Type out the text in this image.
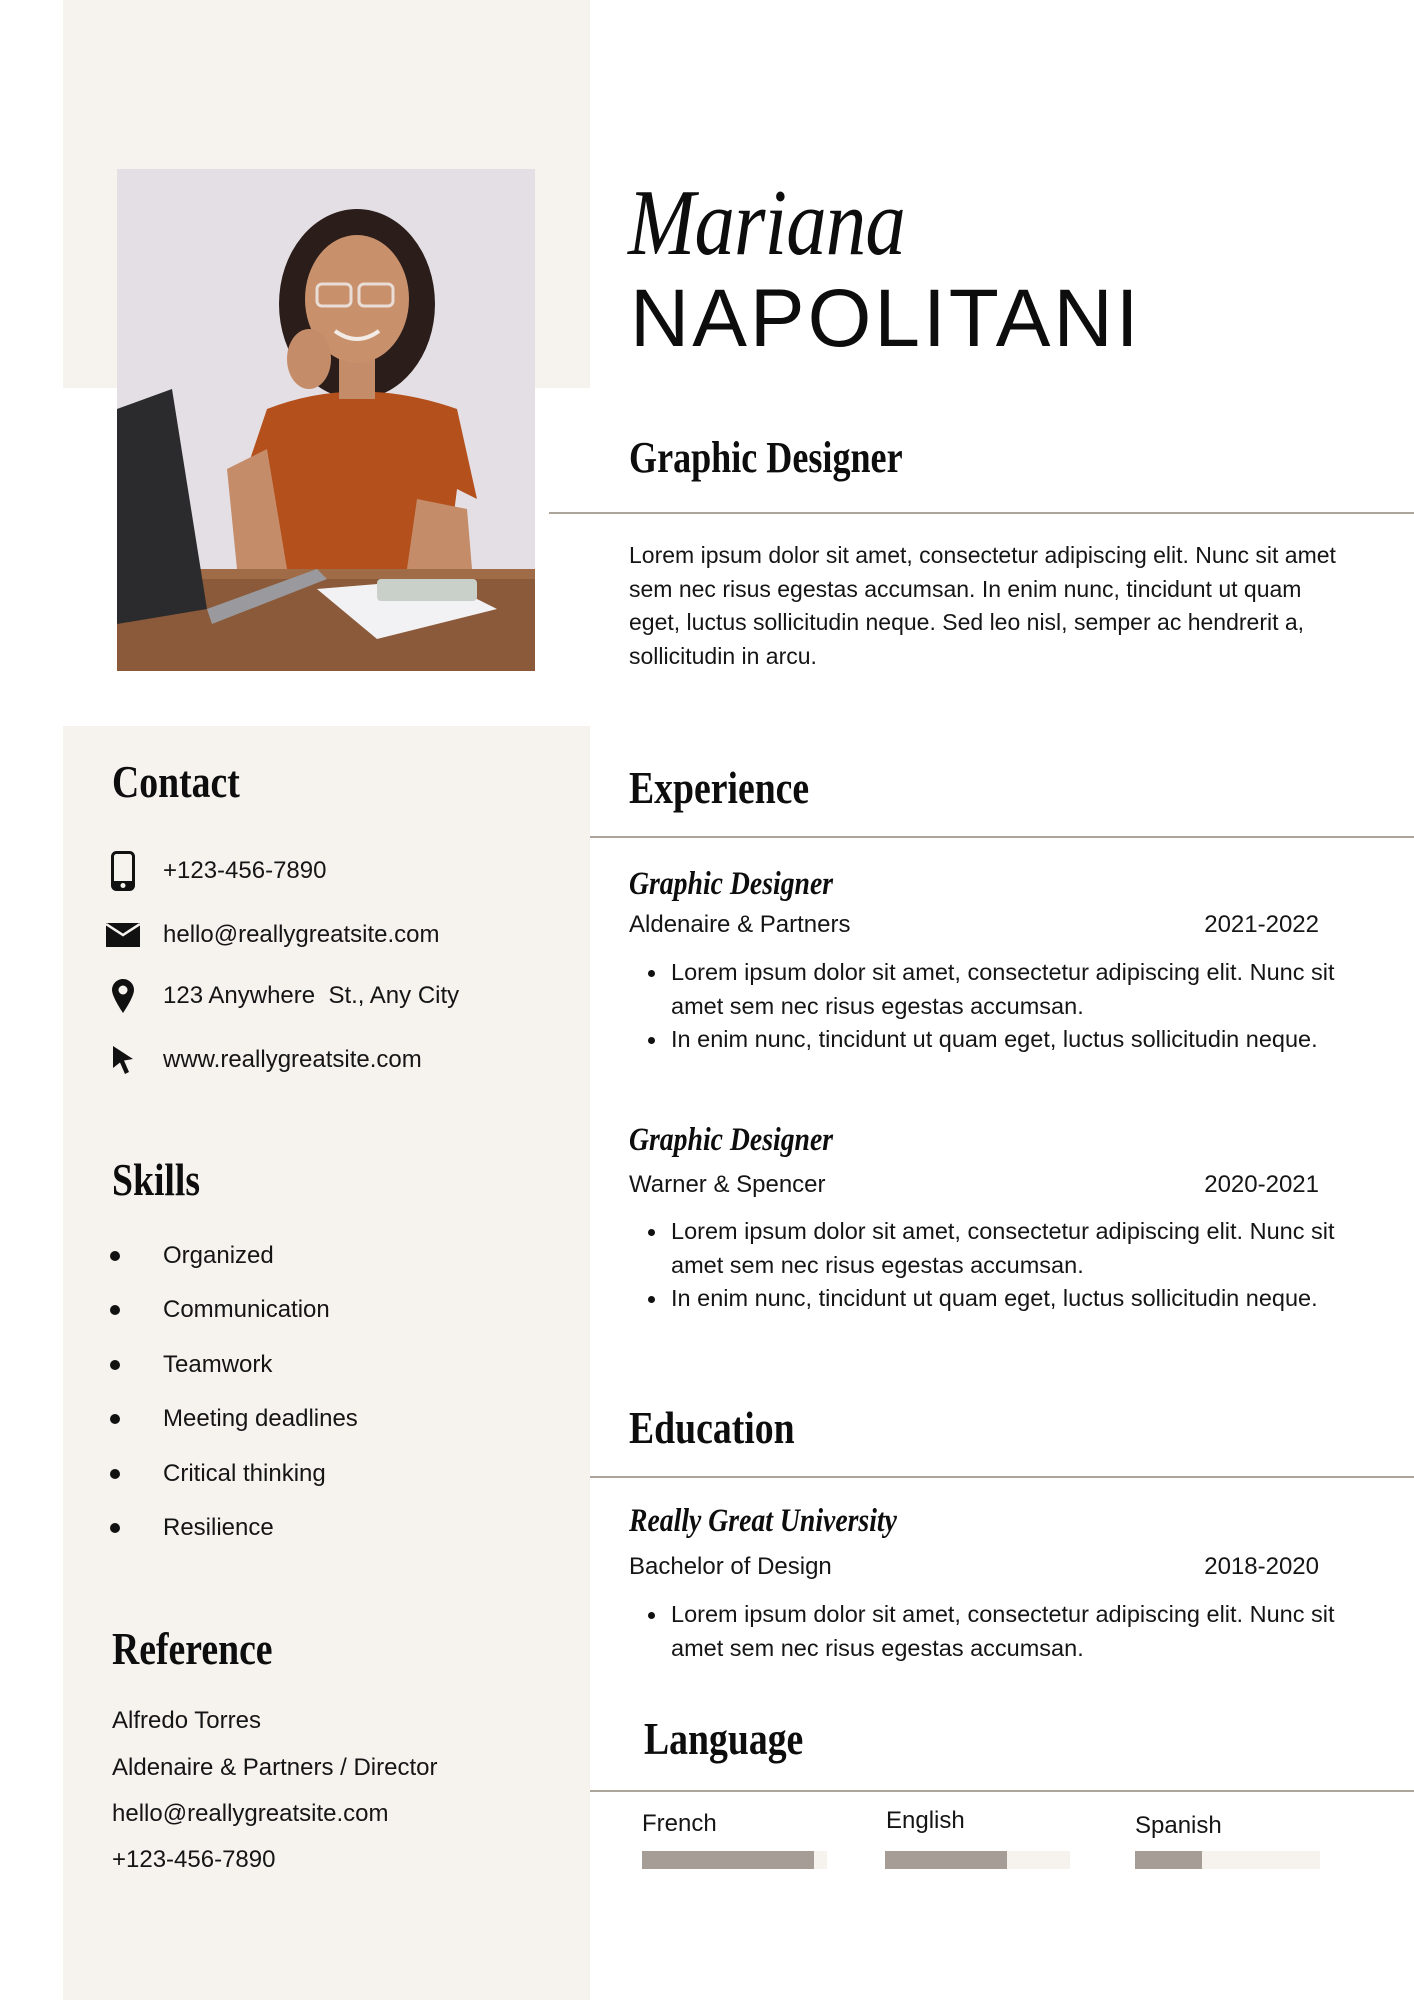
Mariana
NAPOLITANI
Graphic Designer

Lorem ipsum dolor sit amet, consectetur adipiscing elit. Nunc sit amet sem nec risus egestas accumsan. In enim nunc, tincidunt ut quam eget, luctus sollicitudin neque. Sed leo nisl, semper ac hendrerit a, sollicitudin in arcu.

Contact
+123-456-7890
hello@reallygreatsite.com
123 Anywhere  St., Any City
www.reallygreatsite.com
Skills
Organized
Communication
Teamwork
Meeting deadlines
Critical thinking
Resilience
Reference
Alfredo Torres
Aldenaire & Partners / Director
hello@reallygreatsite.com
+123-456-7890
Experience
Graphic Designer
Aldenaire & Partners	2021-2022
Lorem ipsum dolor sit amet, consectetur adipiscing elit. Nunc sit amet sem nec risus egestas accumsan.
In enim nunc, tincidunt ut quam eget, luctus sollicitudin neque.
Graphic Designer
Warner & Spencer	2020-2021
Lorem ipsum dolor sit amet, consectetur adipiscing elit. Nunc sit amet sem nec risus egestas accumsan.
In enim nunc, tincidunt ut quam eget, luctus sollicitudin neque.
Education
Really Great University
Bachelor of Design	2018-2020
Lorem ipsum dolor sit amet, consectetur adipiscing elit. Nunc sit amet sem nec risus egestas accumsan.
Language
French	English	Spanish
